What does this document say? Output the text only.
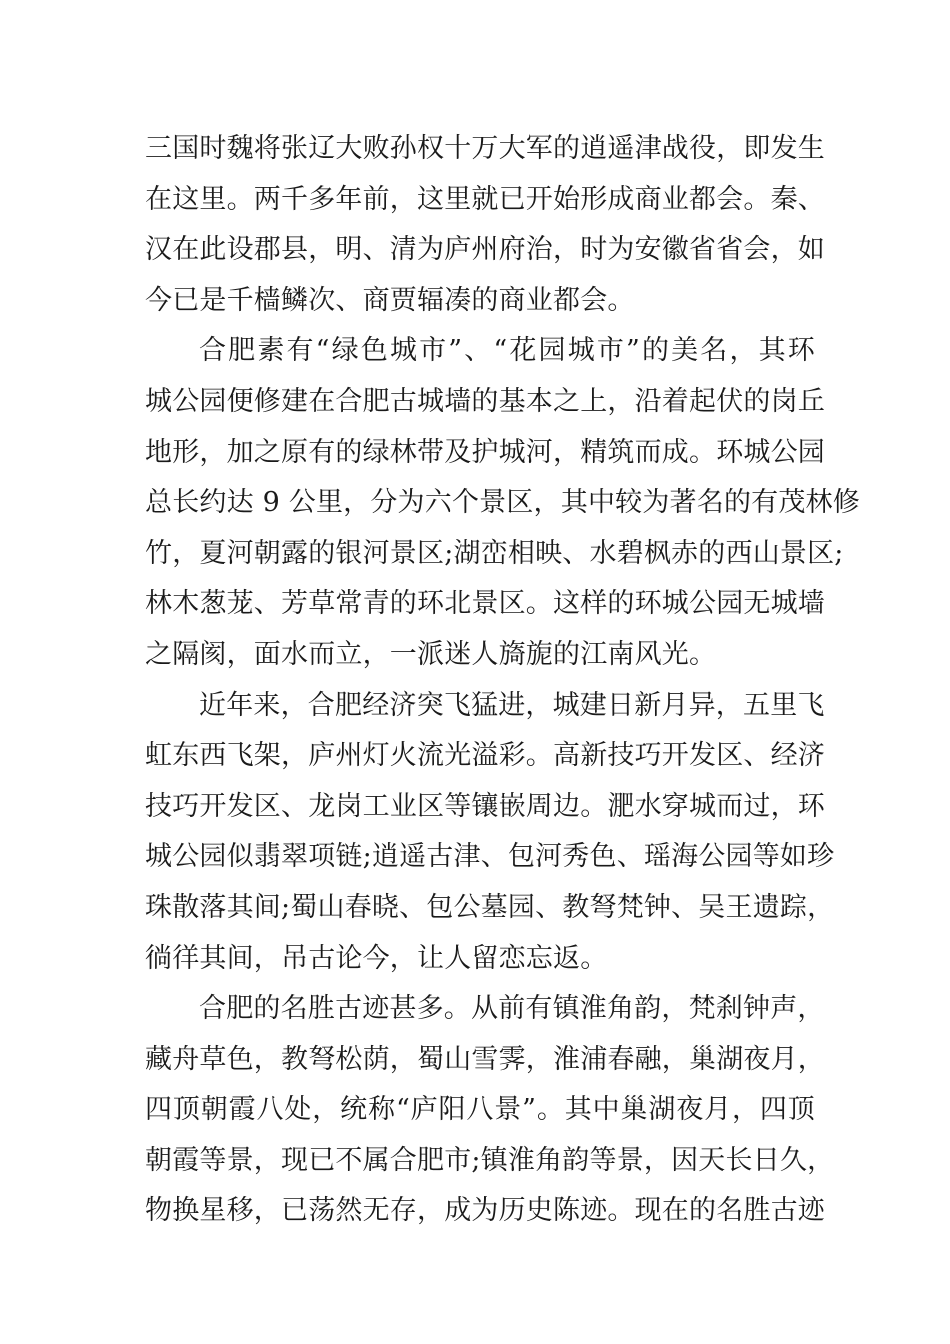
三国时魏将张辽大败孙权十万大军的逍遥津战役，即发生
在这里。两千多年前，这里就已开始形成商业都会。秦、
汉在此设郡县，明、清为庐州府治，时为安徽省省会，如
今已是千樯鳞次、商贾辐凑的商业都会。
合肥素有“绿色城市”、“花园城市”的美名，其环
城公园便修建在合肥古城墙的基本之上，沿着起伏的岗丘
地形，加之原有的绿林带及护城河，精筑而成。环城公园
总长约达 9 公里，分为六个景区，其中较为著名的有茂林修
竹，夏河朝露的银河景区;湖峦相映、水碧枫赤的西山景区;
林木葱茏、芳草常青的环北景区。这样的环城公园无城墙
之隔阂，面水而立，一派迷人旖旎的江南风光。
近年来，合肥经济突飞猛进，城建日新月异，五里飞
虹东西飞架，庐州灯火流光溢彩。高新技巧开发区、经济
技巧开发区、龙岗工业区等镶嵌周边。淝水穿城而过，环
城公园似翡翠项链;逍遥古津、包河秀色、瑶海公园等如珍
珠散落其间;蜀山春晓、包公墓园、教弩梵钟、吴王遗踪，
徜徉其间，吊古论今，让人留恋忘返。
合肥的名胜古迹甚多。从前有镇淮角韵，梵刹钟声，
藏舟草色，教弩松荫，蜀山雪霁，淮浦春融，巢湖夜月，
四顶朝霞八处，统称“庐阳八景”。其中巢湖夜月，四顶
朝霞等景，现已不属合肥市;镇淮角韵等景，因天长日久，
物换星移，已荡然无存，成为历史陈迹。现在的名胜古迹
